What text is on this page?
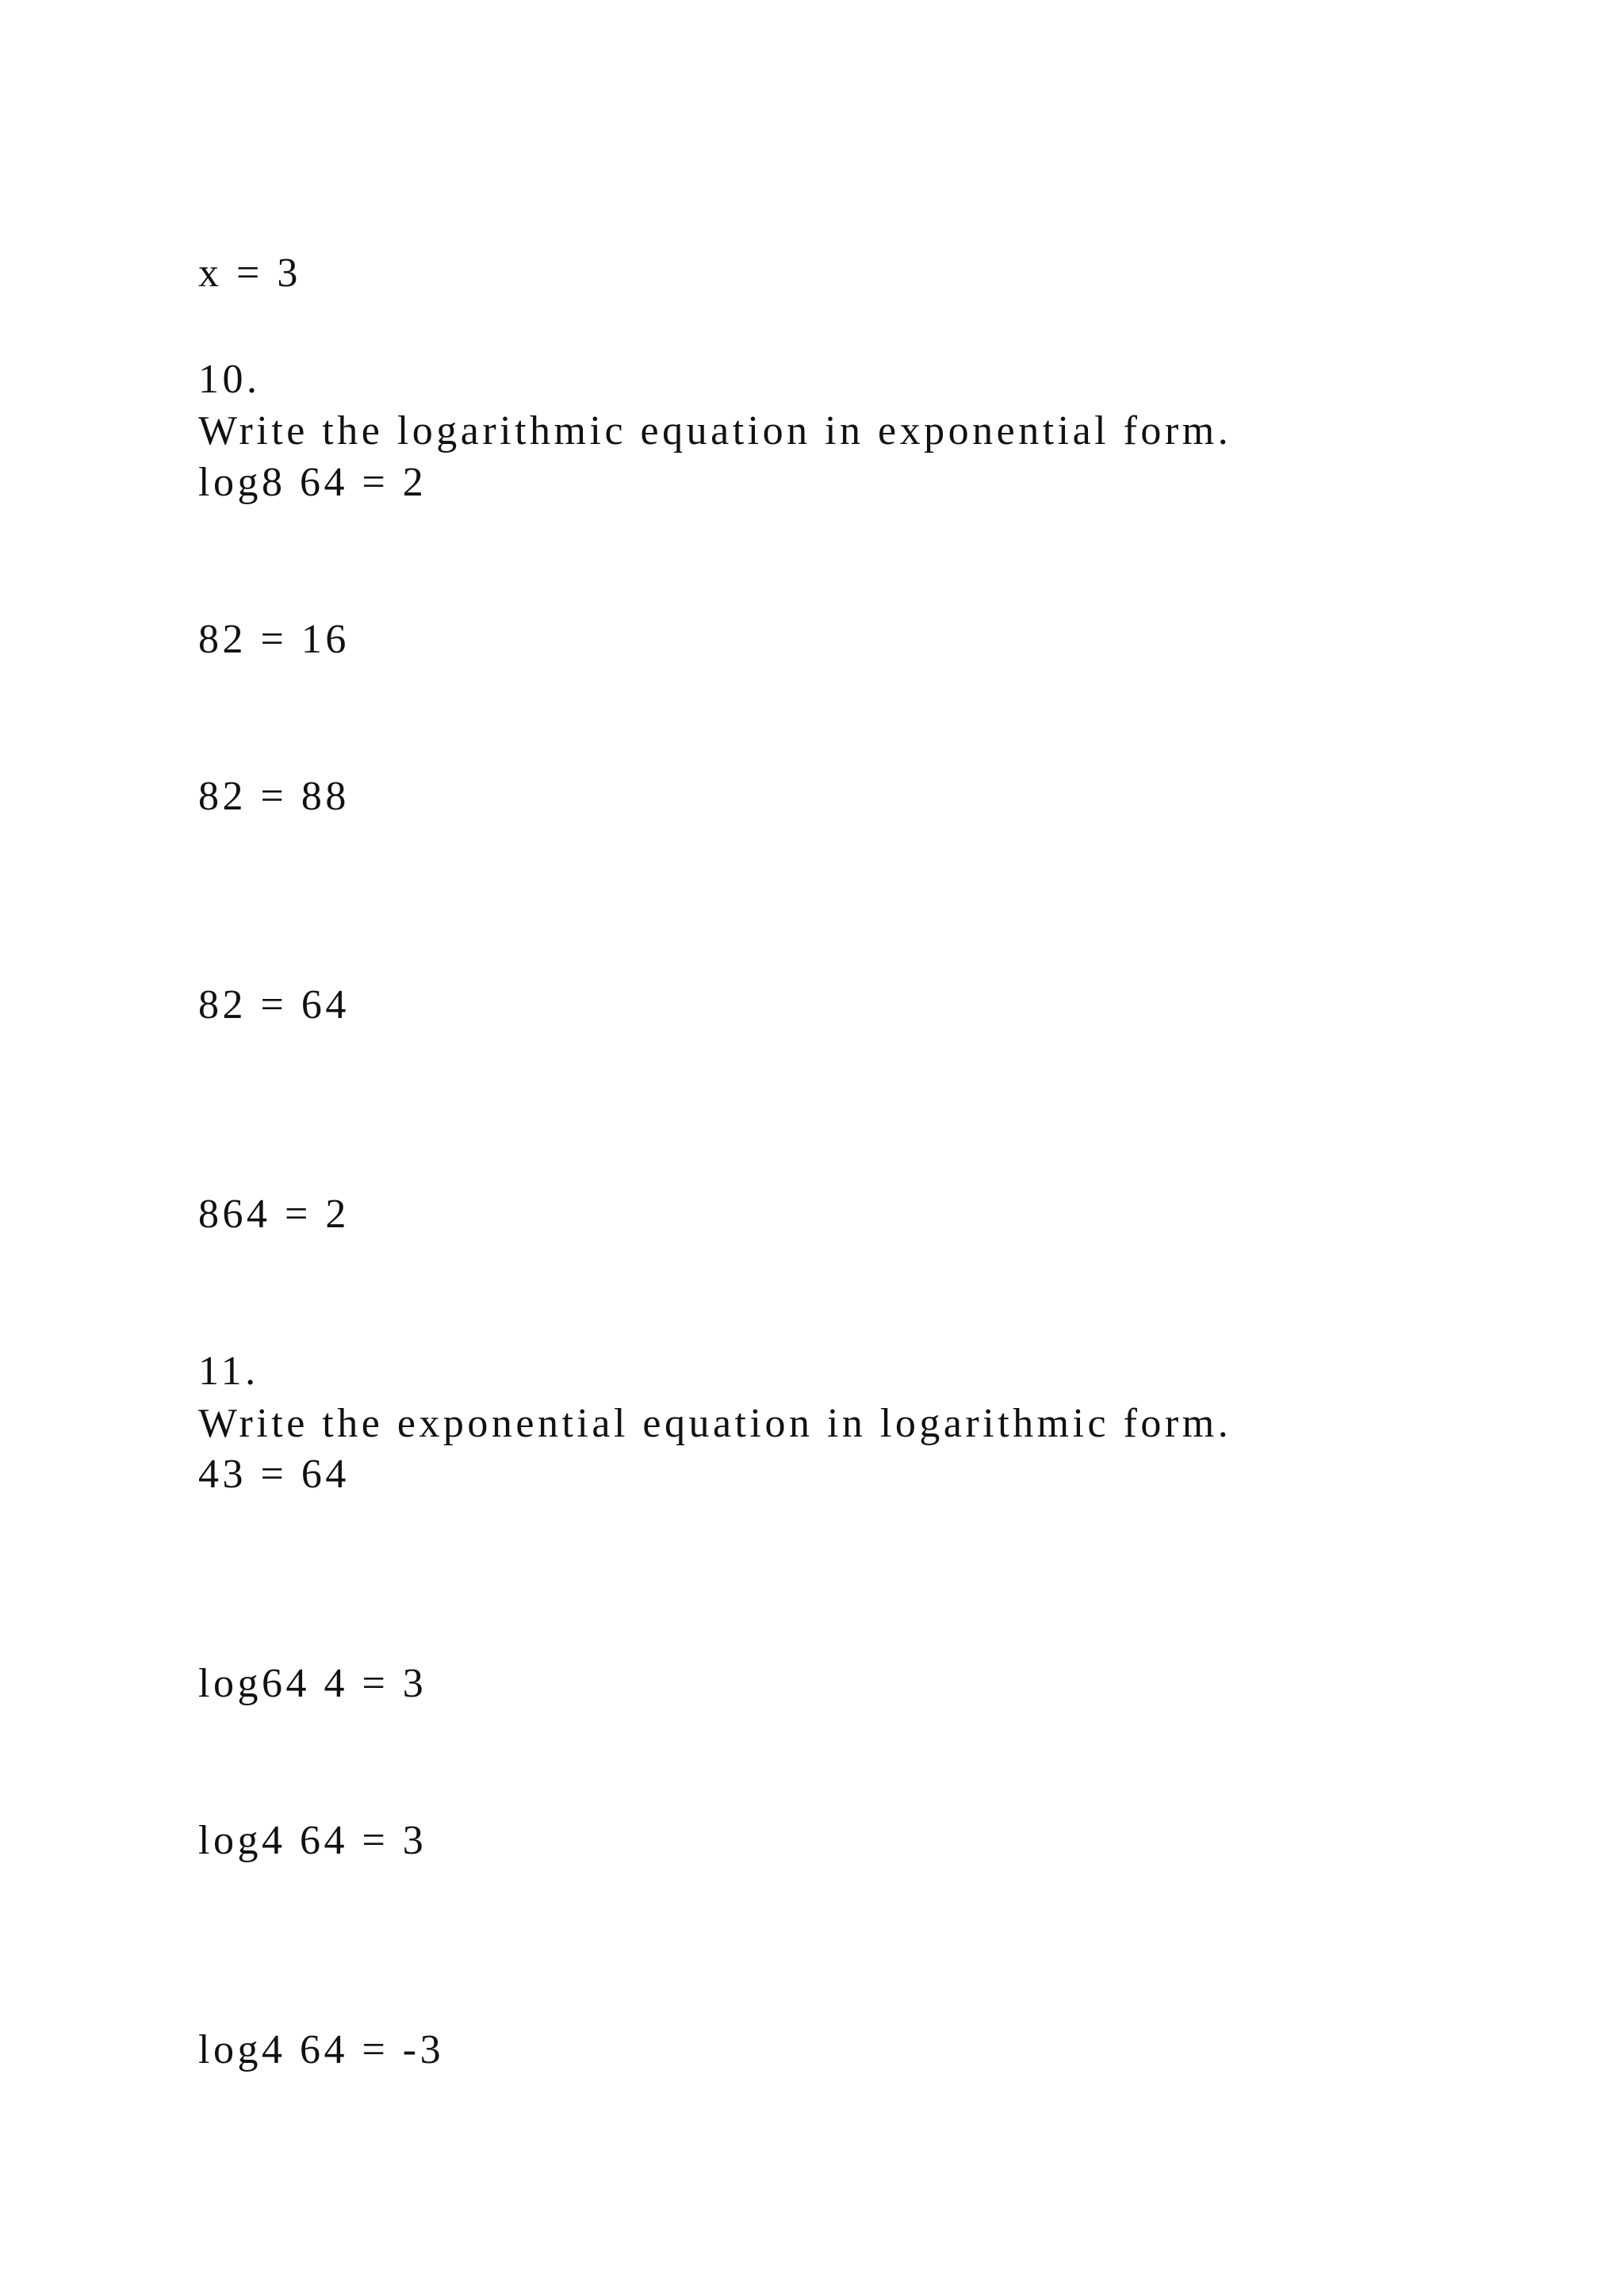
x = 3
10.
Write the logarithmic equation in exponential form.
log8 64 = 2
82 = 16
82 = 88
82 = 64
864 = 2
11.
Write the exponential equation in logarithmic form.
43 = 64
log64 4 = 3
log4 64 = 3
log4 64 = -3
